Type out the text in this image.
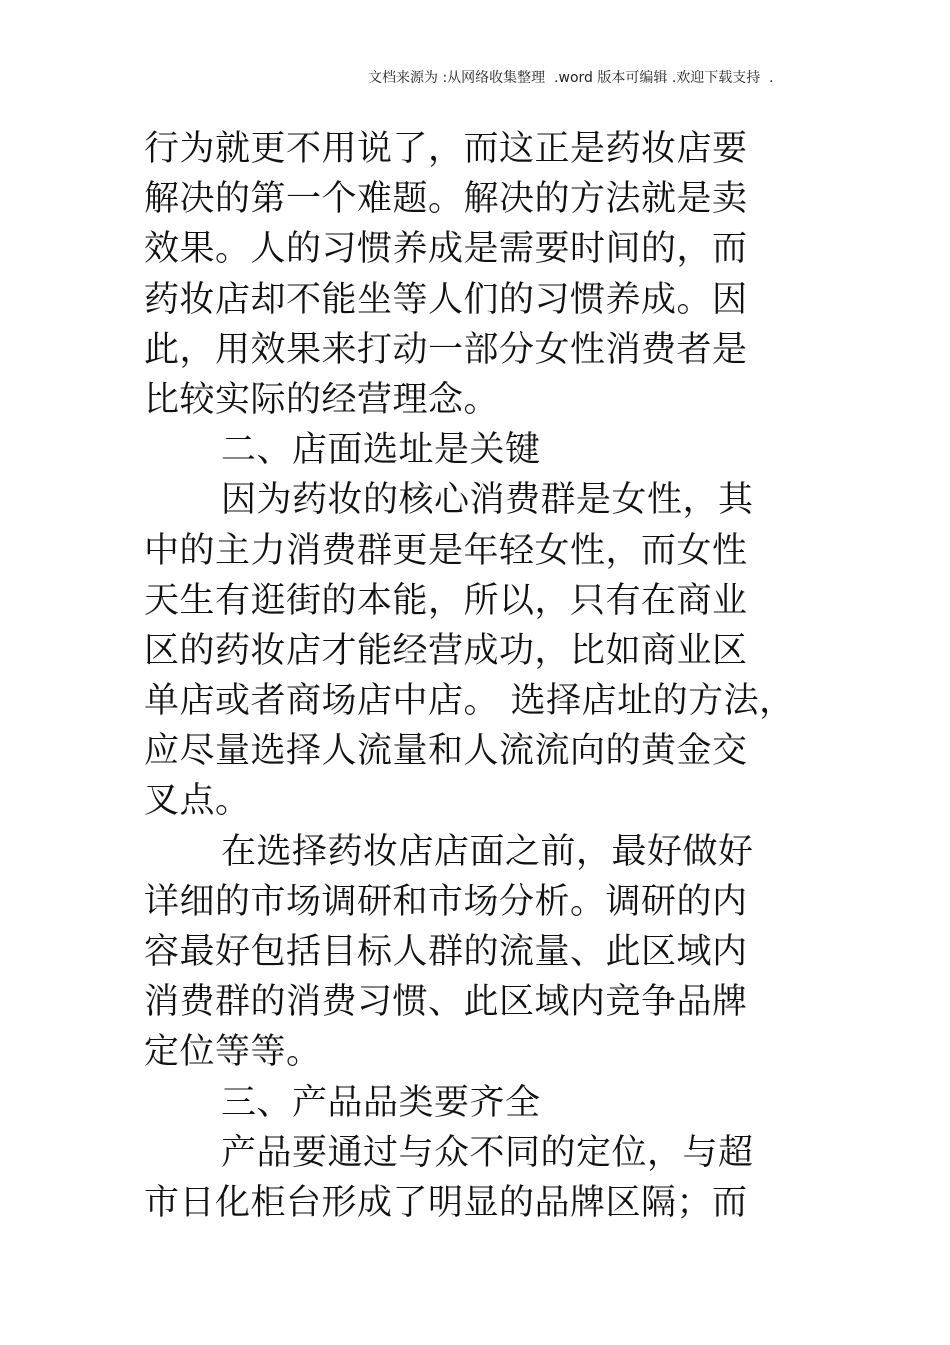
文档来源为 :从网络收集整理  .word 版本可编辑 .欢迎下载支持  .
行为就更不用说了，而这正是药妆店要
解决的第一个难题。解决的方法就是卖
效果。人的习惯养成是需要时间的，而
药妆店却不能坐等人们的习惯养成。因
此，用效果来打动一部分女性消费者是
比较实际的经营理念。
二、店面选址是关键
因为药妆的核心消费群是女性，其
中的主力消费群更是年轻女性，而女性
天生有逛街的本能，所以，只有在商业
区的药妆店才能经营成功，比如商业区
单店或者商场店中店。 选择店址的方法，
应尽量选择人流量和人流流向的黄金交
叉点。
在选择药妆店店面之前，最好做好
详细的市场调研和市场分析。调研的内
容最好包括目标人群的流量、此区域内
消费群的消费习惯、此区域内竞争品牌
定位等等。
三、产品品类要齐全
产品要通过与众不同的定位，与超
市日化柜台形成了明显的品牌区隔；而
